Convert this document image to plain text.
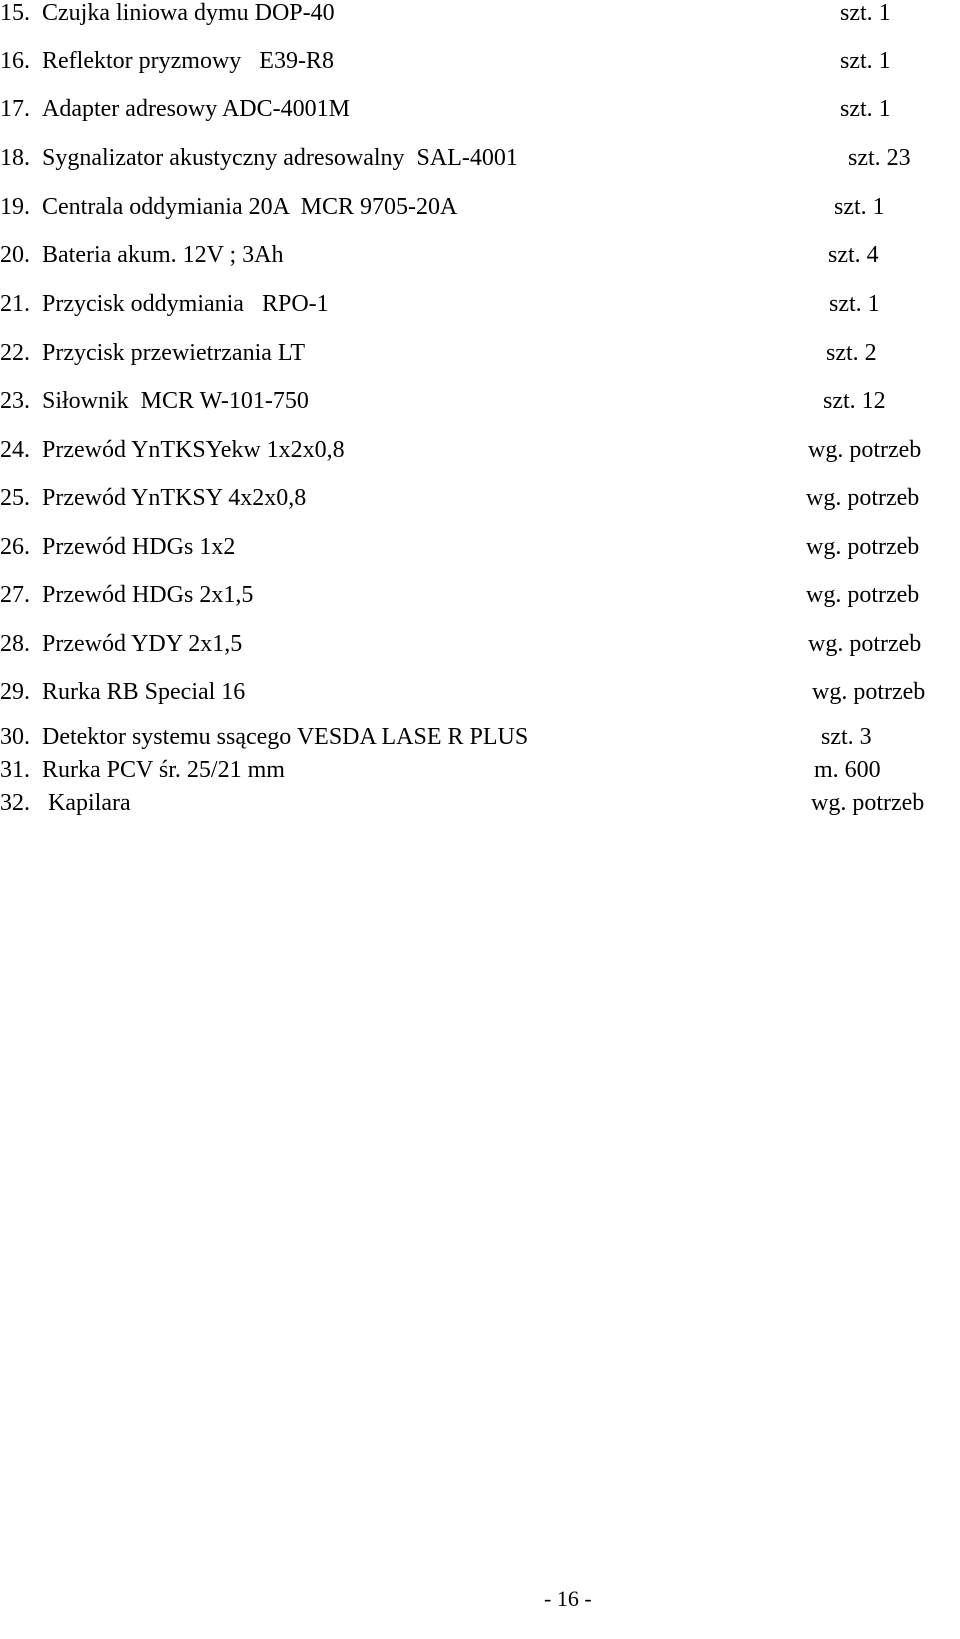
15. Czujka liniowa dymu DOP-40	szt. 1
16. Reflektor pryzmowy   E39-R8	szt. 1
17. Adapter adresowy ADC-4001M	szt. 1
18. Sygnalizator akustyczny adresowalny  SAL-4001	szt. 23
19. Centrala oddymiania 20A  MCR 9705-20A	szt. 1
20. Bateria akum. 12V ; 3Ah	szt. 4
21. Przycisk oddymiania   RPO-1	szt. 1
22. Przycisk przewietrzania LT	szt. 2
23. Siłownik  MCR W-101-750	szt. 12
24. Przewód YnTKSYekw 1x2x0,8	wg. potrzeb
25. Przewód YnTKSY 4x2x0,8	wg. potrzeb
26. Przewód HDGs 1x2	wg. potrzeb
27. Przewód HDGs 2x1,5	wg. potrzeb
28. Przewód YDY 2x1,5	wg. potrzeb
29. Rurka RB Special 16	wg. potrzeb
30. Detektor systemu ssącego VESDA LASE R PLUS	szt. 3
31. Rurka PCV śr. 25/21 mm	m. 600
32. Kapilara	wg. potrzeb
- 16 -
